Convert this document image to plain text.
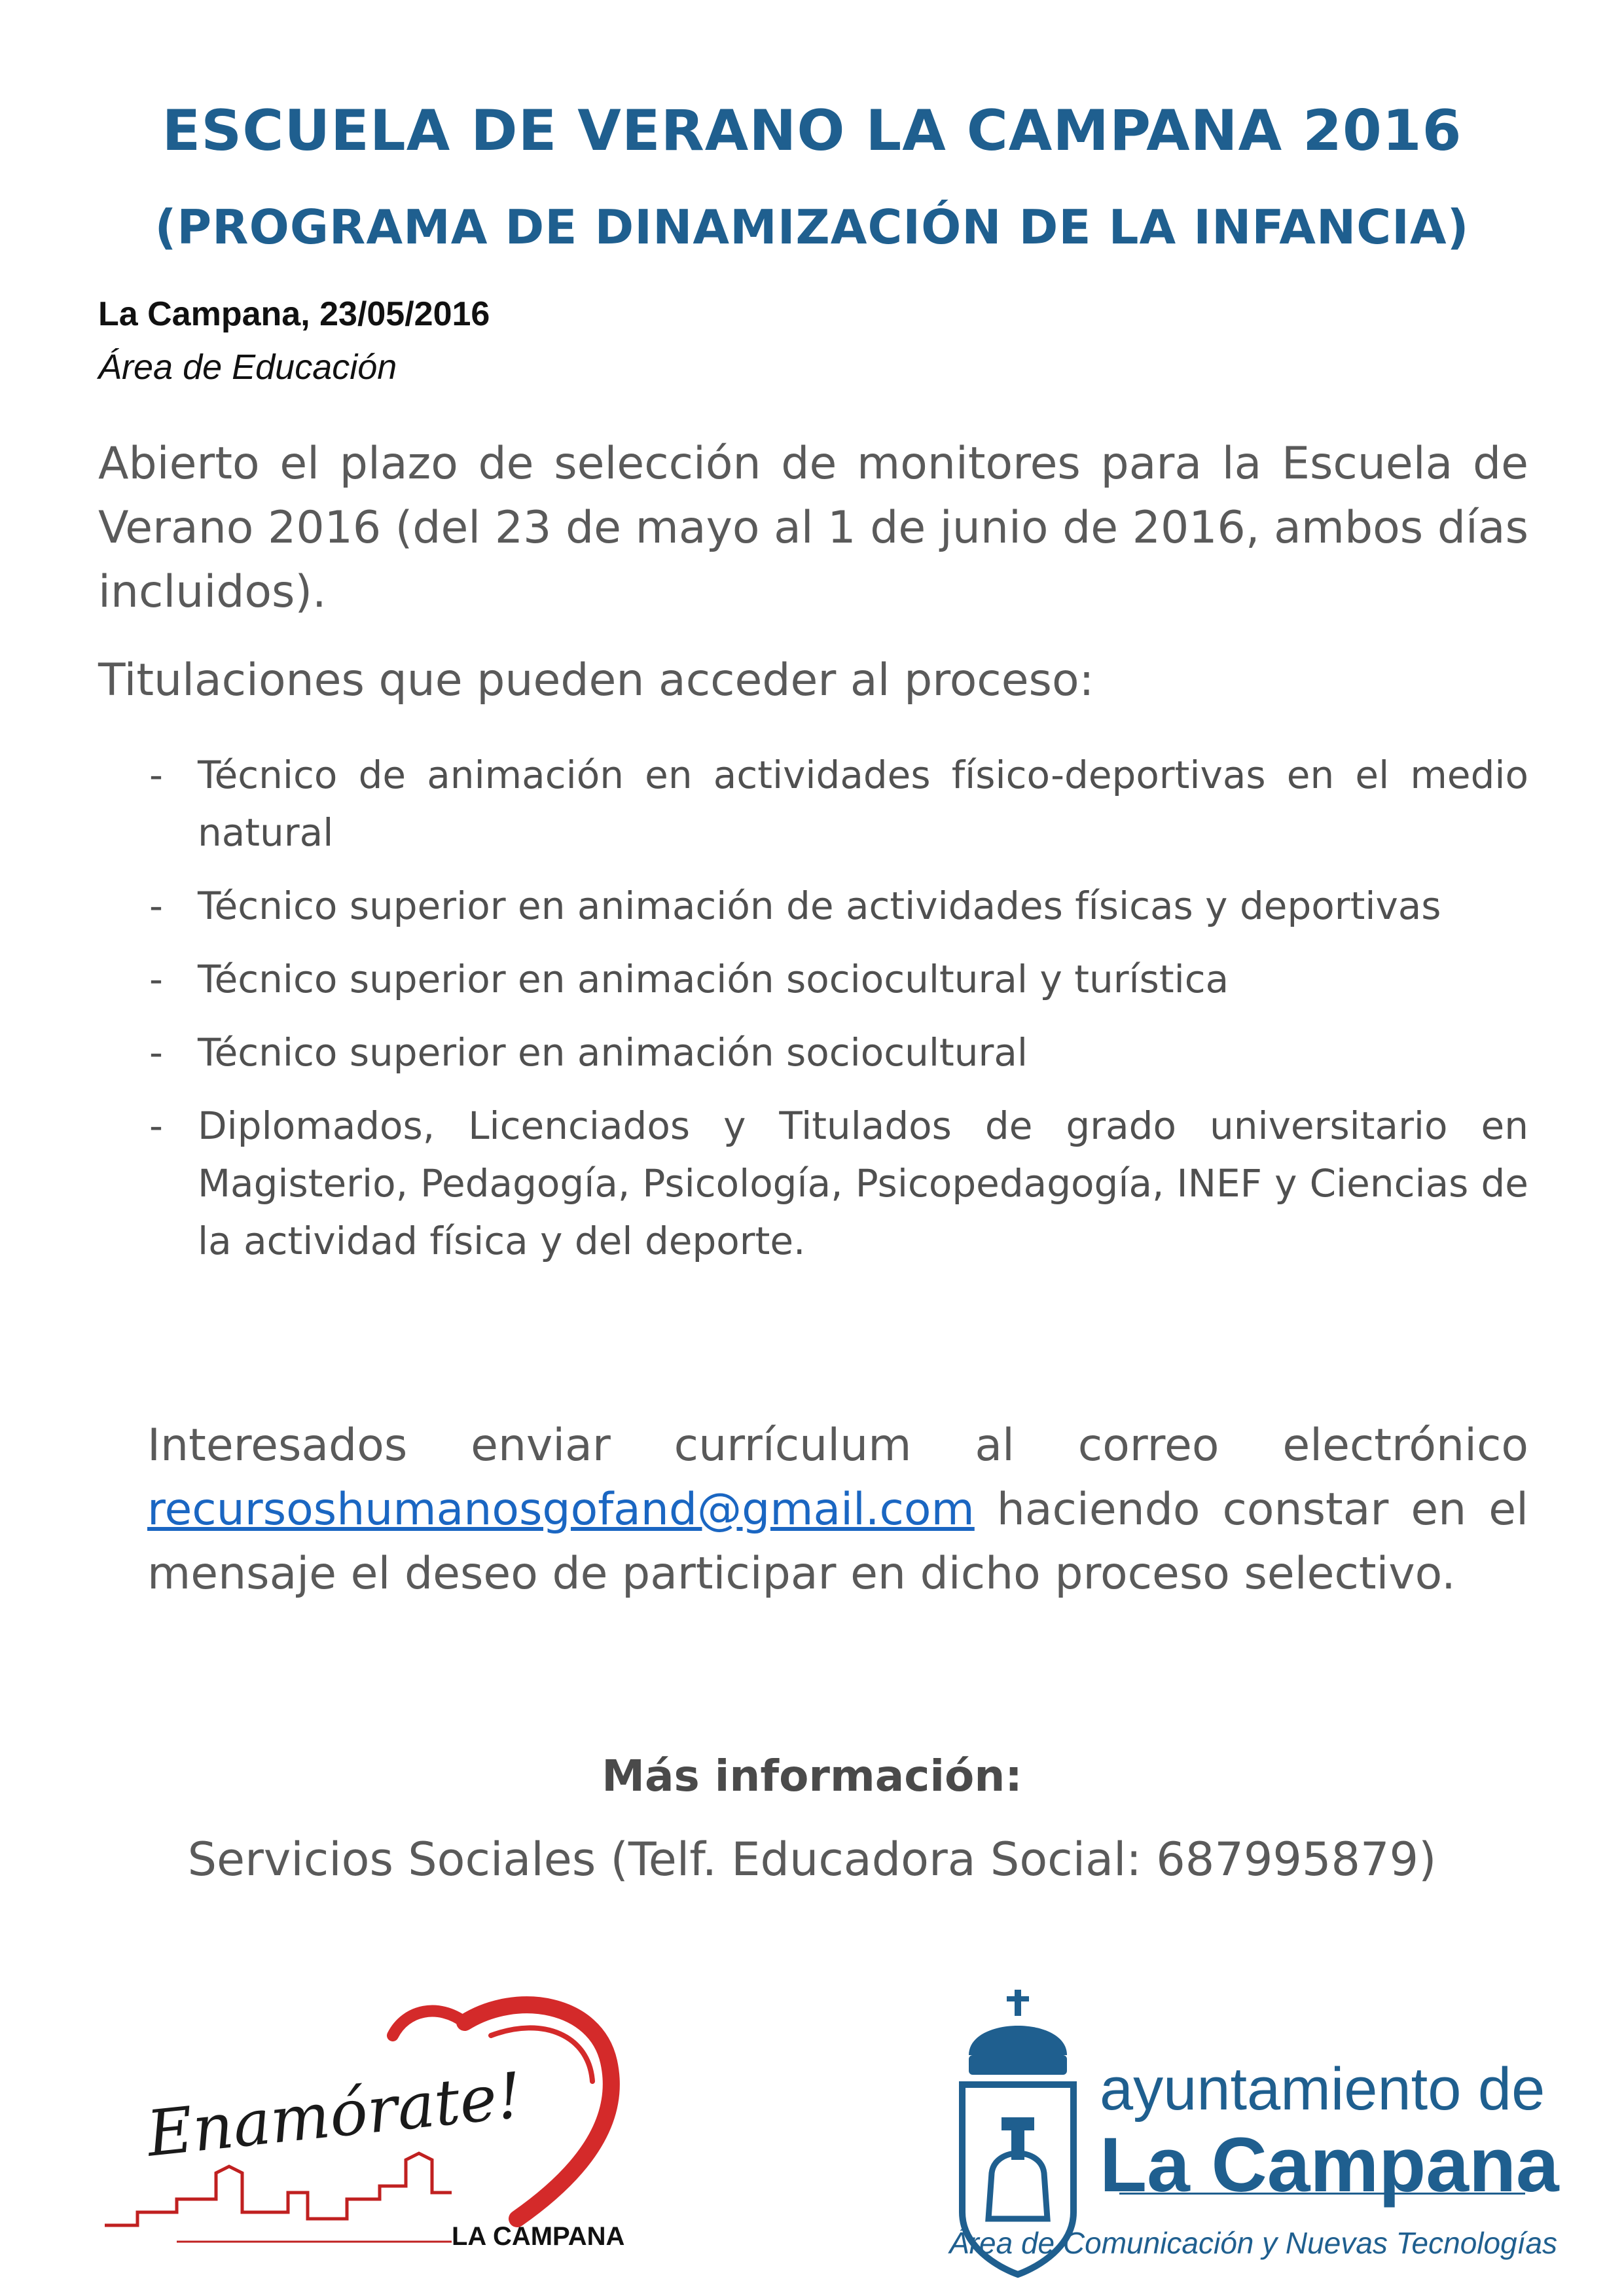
ESCUELA DE VERANO LA CAMPANA 2016
(PROGRAMA DE DINAMIZACIÓN DE LA INFANCIA)
La Campana, 23/05/2016
Área de Educación
Abierto el plazo de selección de monitores para la Escuela de Verano 2016 (del 23 de mayo al 1 de junio de 2016, ambos días incluidos).
Titulaciones que pueden acceder al proceso:
- Técnico de animación en actividades físico-deportivas en el medio natural
- Técnico superior en animación de actividades físicas y deportivas
- Técnico superior en animación sociocultural y turística
- Técnico superior en animación sociocultural
- Diplomados, Licenciados y Titulados de grado universitario en Magisterio, Pedagogía, Psicología, Psicopedagogía, INEF y Ciencias de la actividad física y del deporte.
Interesados enviar currículum al correo electrónico recursoshumanosgofand@gmail.com haciendo constar en el mensaje el deseo de participar en dicho proceso selectivo.
Más información:
Servicios Sociales (Telf. Educadora Social: 687995879)
Enamórate!
LA CAMPANA
ayuntamiento de
La Campana
Área de Comunicación y Nuevas Tecnologías
